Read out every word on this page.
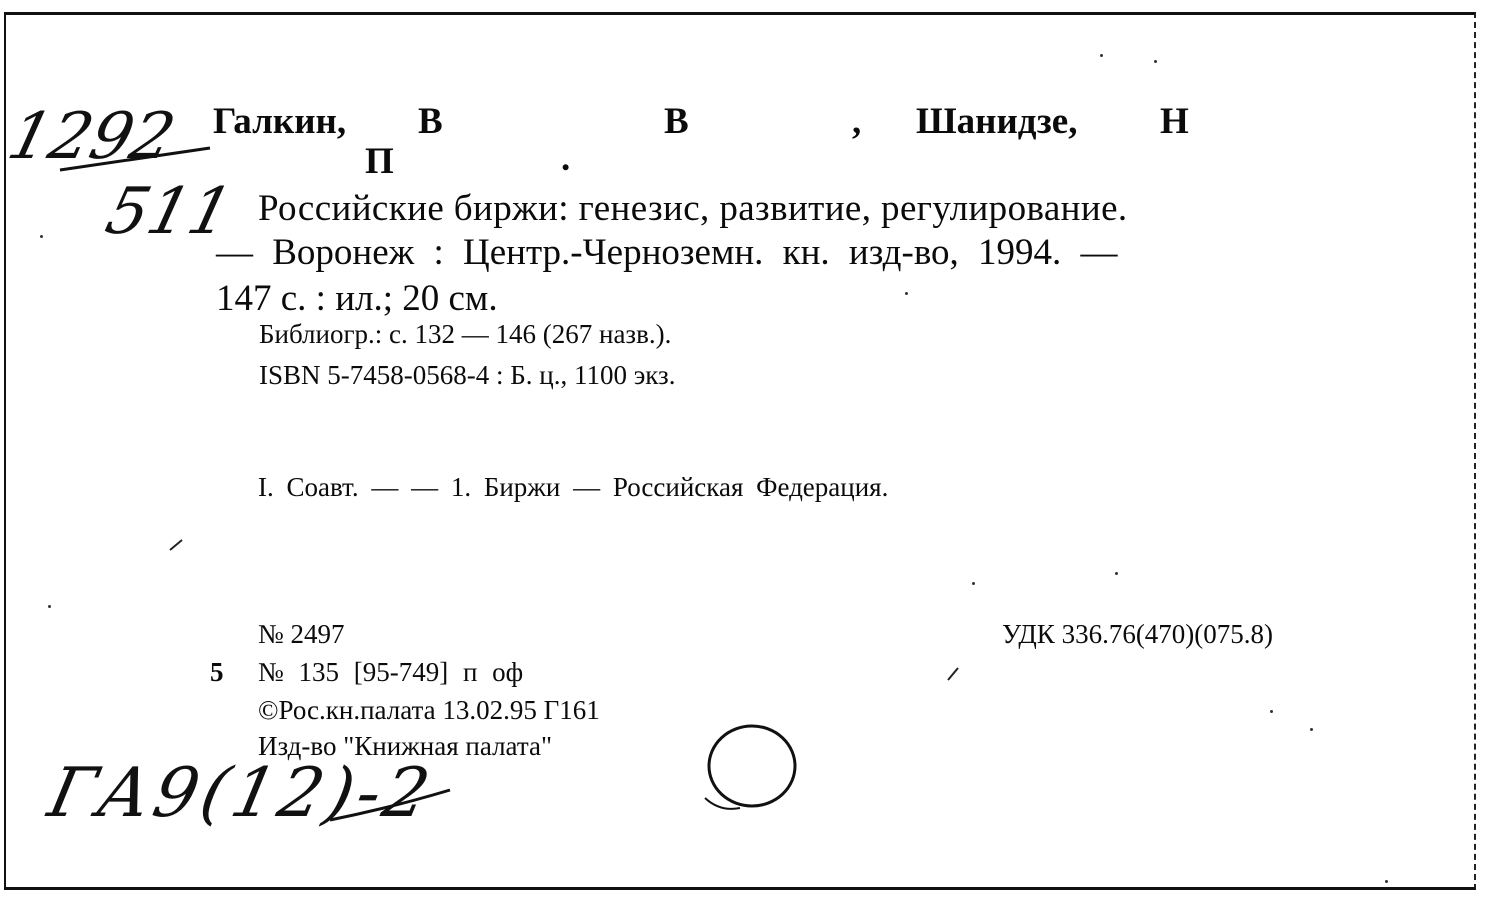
Галкин, В	В	, Шанидзе, Н
П	.
Российские биржи: генезис, развитие, регулирование.
— Воронеж : Центр.-Черноземн. кн. изд-во, 1994. —
147 с. : ил.; 20 см.
Библиогр.: с. 132 — 146 (267 назв.).
ISBN 5-7458-0568-4 : Б. ц., 1100 экз.
I. Соавт. — — 1. Биржи — Российская Федерация.
№ 2497	УДК 336.76(470)(075.8)
5 № 135 [95-749] п оф
©Рос.кн.палата 13.02.95 Г161
Изд-во "Книжная палата"
1292
511
ГА9(12)-2
